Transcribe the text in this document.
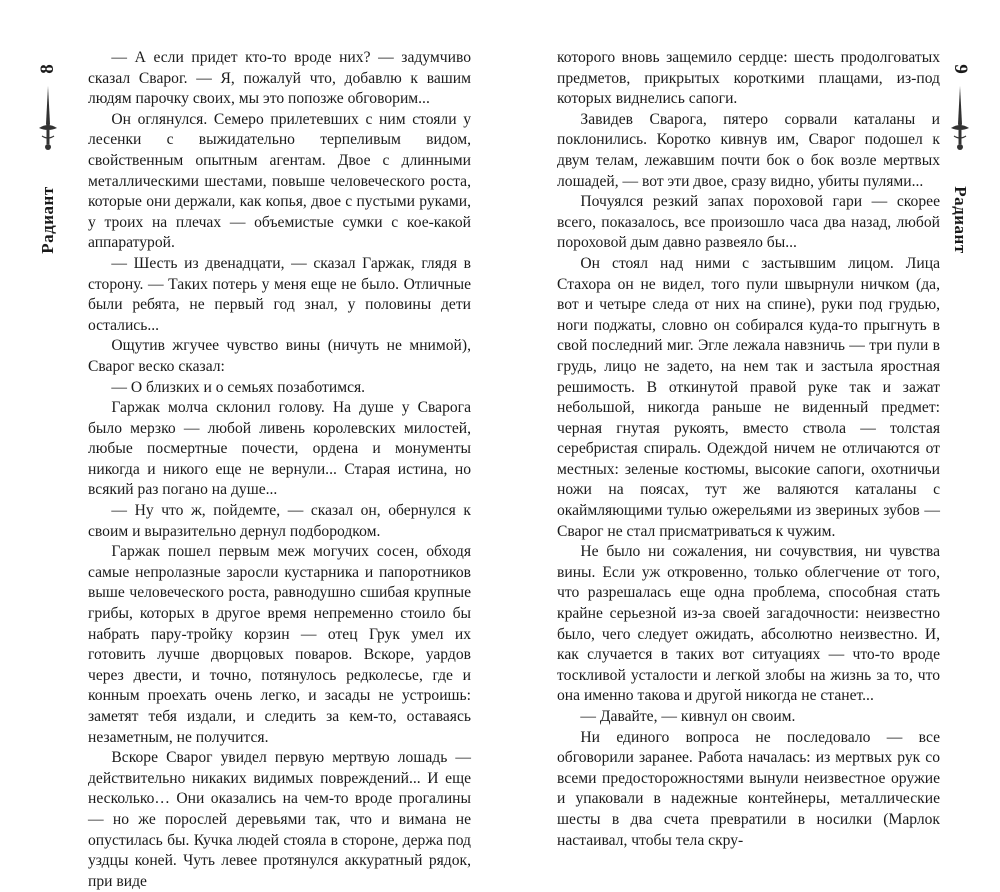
8
Радиант

— А если придет кто-то вроде них? — задумчиво сказал Сварог. — Я, пожалуй что, добавлю к вашим людям парочку своих, мы это попозже обговорим...

Он оглянулся. Семеро прилетевших с ним стояли у лесенки с выжидательно терпеливым видом, свойственным опытным агентам. Двое с длинными металлическими шестами, повыше человеческого роста, которые они держали, как копья, двое с пустыми руками, у троих на плечах — объемистые сумки с кое-какой аппаратурой.

— Шесть из двенадцати, — сказал Гаржак, глядя в сторону. — Таких потерь у меня еще не было. Отличные были ребята, не первый год знал, у половины дети остались...

Ощутив жгучее чувство вины (ничуть не мнимой), Сварог веско сказал:

— О близких и о семьях позаботимся.

Гаржак молча склонил голову. На душе у Сварога было мерзко — любой ливень королевских милостей, любые посмертные почести, ордена и монументы никогда и никого еще не вернули... Старая истина, но всякий раз погано на душе...

— Ну что ж, пойдемте, — сказал он, обернулся к своим и выразительно дернул подбородком.

Гаржак пошел первым меж могучих сосен, обходя самые непролазные заросли кустарника и папоротников выше человеческого роста, равнодушно сшибая крупные грибы, которых в другое время непременно стоило бы набрать пару-тройку корзин — отец Грук умел их готовить лучше дворцовых поваров. Вскоре, уардов через двести, и точно, потянулось редколесье, где и конным проехать очень легко, и засады не устроишь: заметят тебя издали, и следить за кем-то, оставаясь незаметным, не получится.

Вскоре Сварог увидел первую мертвую лошадь — действительно никаких видимых повреждений... И еще несколько… Они оказались на чем-то вроде прогалины — но же порослей деревьями так, что и вимана не опустилась бы. Кучка людей стояла в стороне, держа под уздцы коней. Чуть левее протянулся аккуратный рядок, при виде

которого вновь защемило сердце: шесть продолговатых предметов, прикрытых короткими плащами, из-под которых виднелись сапоги.

Завидев Сварога, пятеро сорвали каталаны и поклонились. Коротко кивнув им, Сварог подошел к двум телам, лежавшим почти бок о бок возле мертвых лошадей, — вот эти двое, сразу видно, убиты пулями...

Почуялся резкий запах пороховой гари — скорее всего, показалось, все произошло часа два назад, любой пороховой дым давно развеяло бы...

Он стоял над ними с застывшим лицом. Лица Стахора он не видел, того пули швырнули ничком (да, вот и четыре следа от них на спине), руки под грудью, ноги поджаты, словно он собирался куда-то прыгнуть в свой последний миг. Эгле лежала навзничь — три пули в грудь, лицо не задето, на нем так и застыла яростная решимость. В откинутой правой руке так и зажат небольшой, никогда раньше не виденный предмет: черная гнутая рукоять, вместо ствола — толстая серебристая спираль. Одеждой ничем не отличаются от местных: зеленые костюмы, высокие сапоги, охотничьи ножи на поясах, тут же валяются каталаны с окаймляющими тулью ожерельями из звериных зубов — Сварог не стал присматриваться к чужим.

Не было ни сожаления, ни сочувствия, ни чувства вины. Если уж откровенно, только облегчение от того, что разрешалась еще одна проблема, способная стать крайне серьезной из-за своей загадочности: неизвестно было, чего следует ожидать, абсолютно неизвестно. И, как случается в таких вот ситуациях — что-то вроде тоскливой усталости и легкой злобы на жизнь за то, что она именно такова и другой никогда не станет...

— Давайте, — кивнул он своим.

Ни единого вопроса не последовало — все обговорили заранее. Работа началась: из мертвых рук со всеми предосторожностями вынули неизвестное оружие и упаковали в надежные контейнеры, металлические шесты в два счета превратили в носилки (Марлок настаивал, чтобы тела скру-

9
Радиант
